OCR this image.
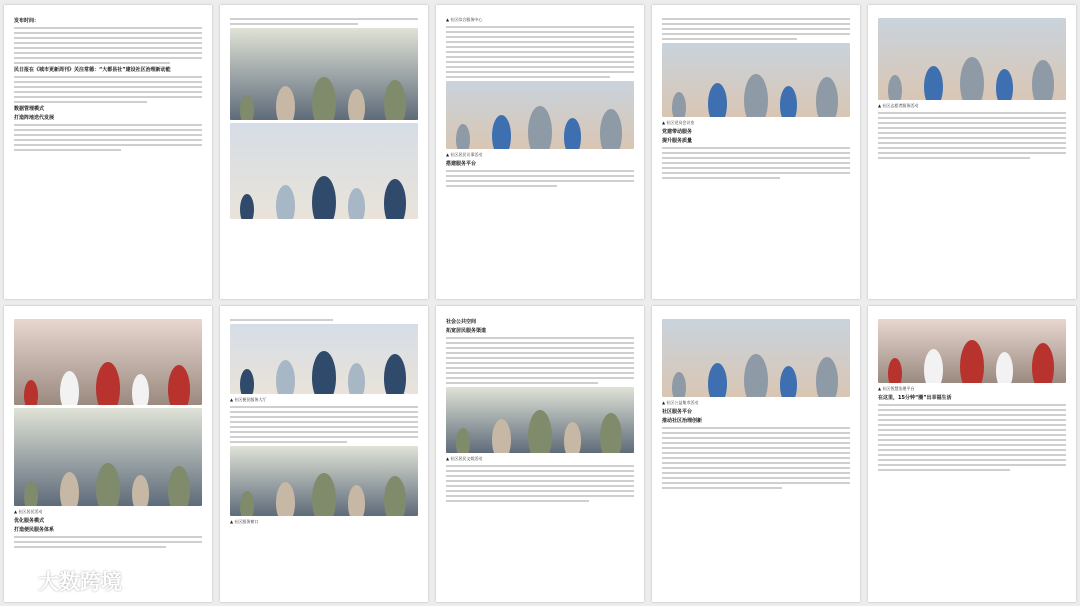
发布时间：
民日报在《城市更新周刊》关注常德：“大都县社”建设社区治理新动能
数据管理模式
打造阵地迭代发展
▲ 社区综合服务中心
▲ 社区居民议事活动
搭建服务平台
▲ 社区党员会议室
党建带动服务
提升服务质量
▲ 社区志愿者服务活动
▲ 社区居民活动
优化服务模式
打造便民服务体系
▲ 社区便民服务大厅
▲ 社区服务窗口
社会公共空间
拓宽居民服务渠道
▲ 社区居民文娱活动
▲ 社区公益集市活动
社区服务平台
推动社区治理创新
▲ 社区智慧治理平台
在这里，15分钟“圈”出幸福生活
大数跨境
